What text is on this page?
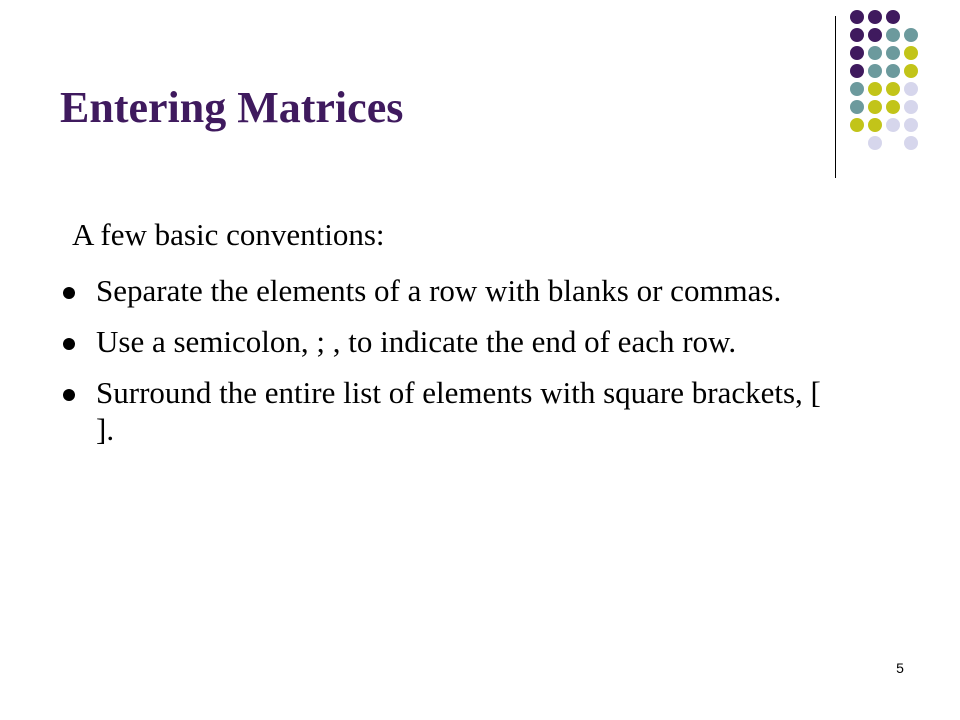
Entering Matrices
A few basic conventions:
Separate the elements of a row with blanks or commas.
Use a semicolon, ; , to indicate the end of each row.
Surround the entire list of elements with square brackets, [ ].
5
